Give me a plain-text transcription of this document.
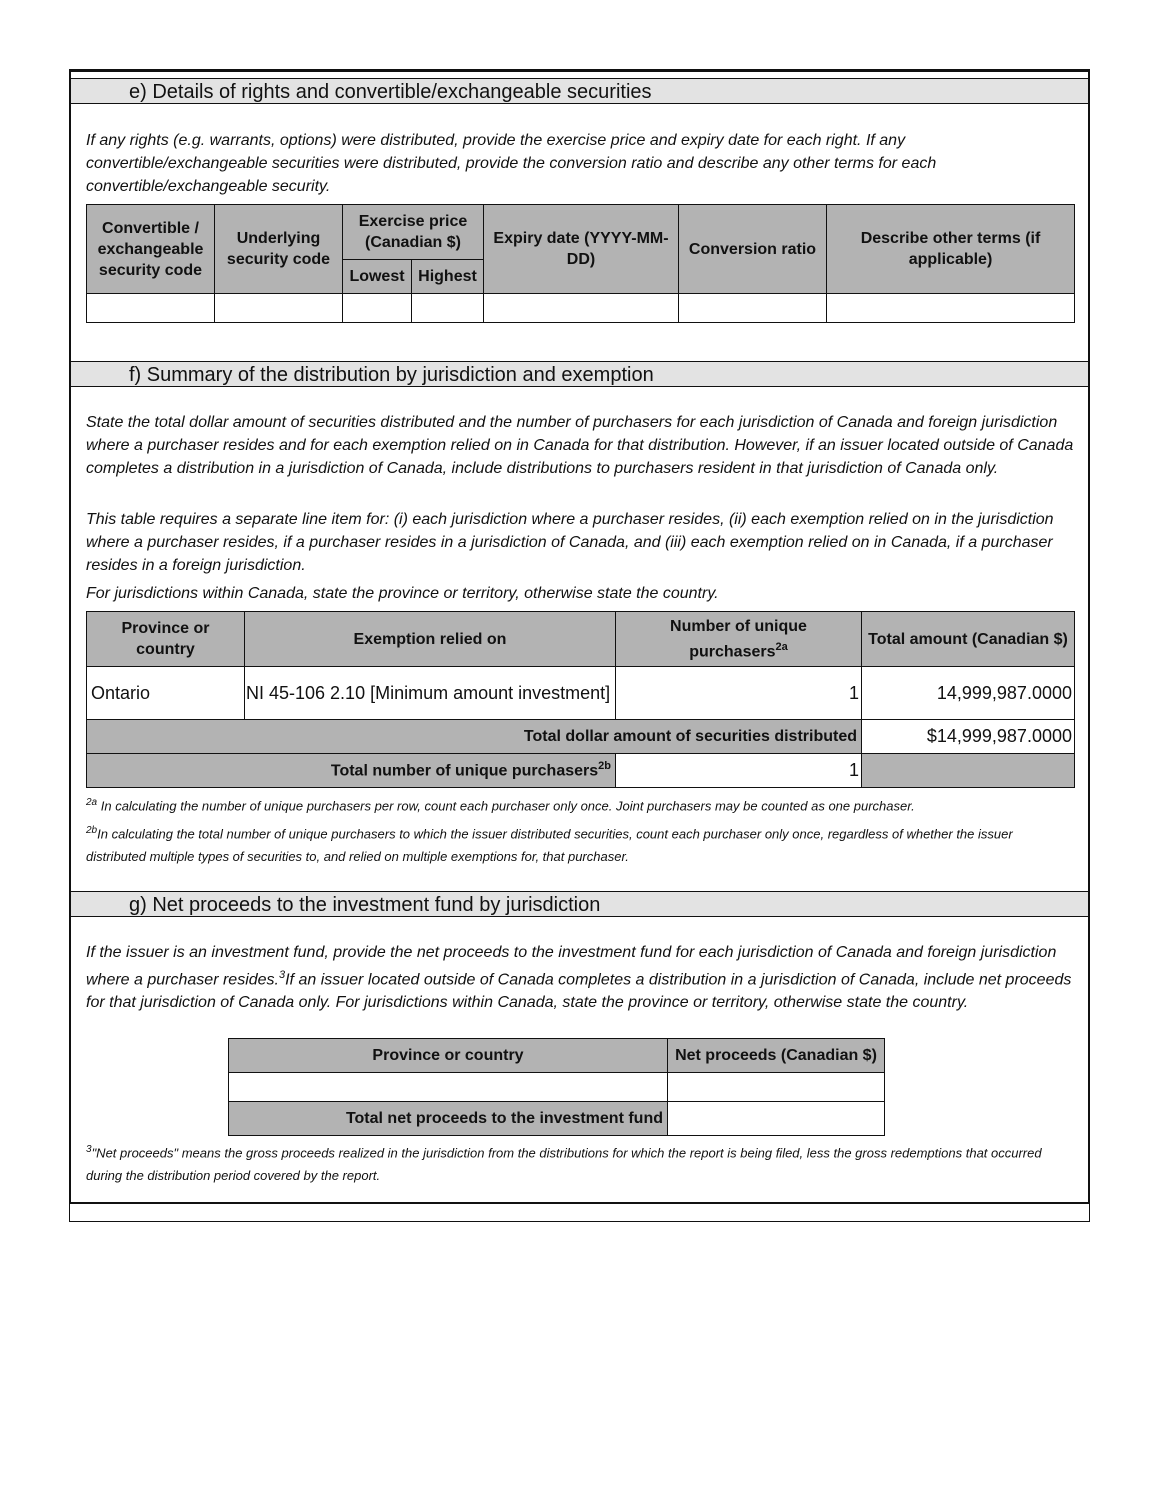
e) Details of rights and convertible/exchangeable securities

If any rights (e.g. warrants, options) were distributed, provide the exercise price and expiry date for each right. If any convertible/exchangeable securities were distributed, provide the conversion ratio and describe any other terms for each convertible/exchangeable security.

Convertible / exchangeable security code	Underlying security code	Exercise price (Canadian $)		Expiry date (YYYY-MM-DD)	Conversion ratio	Describe other terms (if applicable)
		Lowest	Highest			

f) Summary of the distribution by jurisdiction and exemption

State the total dollar amount of securities distributed and the number of purchasers for each jurisdiction of Canada and foreign jurisdiction where a purchaser resides and for each exemption relied on in Canada for that distribution. However, if an issuer located outside of Canada completes a distribution in a jurisdiction of Canada, include distributions to purchasers resident in that jurisdiction of Canada only.

This table requires a separate line item for: (i) each jurisdiction where a purchaser resides, (ii) each exemption relied on in the jurisdiction where a purchaser resides, if a purchaser resides in a jurisdiction of Canada, and (iii) each exemption relied on in Canada, if a purchaser resides in a foreign jurisdiction.

For jurisdictions within Canada, state the province or territory, otherwise state the country.

Province or country	Exemption relied on	Number of unique purchasers$^{2a}$	Total amount (Canadian $)
Ontario	NI 45-106 2.10 [Minimum amount investment]	1	14,999,987.0000
Total dollar amount of securities distributed			$14,999,987.0000
Total number of unique purchasers$^{2b}$		1	

$^{2a}$ In calculating the number of unique purchasers per row, count each purchaser only once. Joint purchasers may be counted as one purchaser.

$^{2b}$In calculating the total number of unique purchasers to which the issuer distributed securities, count each purchaser only once, regardless of whether the issuer distributed multiple types of securities to, and relied on multiple exemptions for, that purchaser.

g) Net proceeds to the investment fund by jurisdiction

If the issuer is an investment fund, provide the net proceeds to the investment fund for each jurisdiction of Canada and foreign jurisdiction where a purchaser resides.$^3$If an issuer located outside of Canada completes a distribution in a jurisdiction of Canada, include net proceeds for that jurisdiction of Canada only. For jurisdictions within Canada, state the province or territory, otherwise state the country.

Province or country	Net proceeds (Canadian $)

Total net proceeds to the investment fund	

$^3$"Net proceeds" means the gross proceeds realized in the jurisdiction from the distributions for which the report is being filed, less the gross redemptions that occurred during the distribution period covered by the report.
